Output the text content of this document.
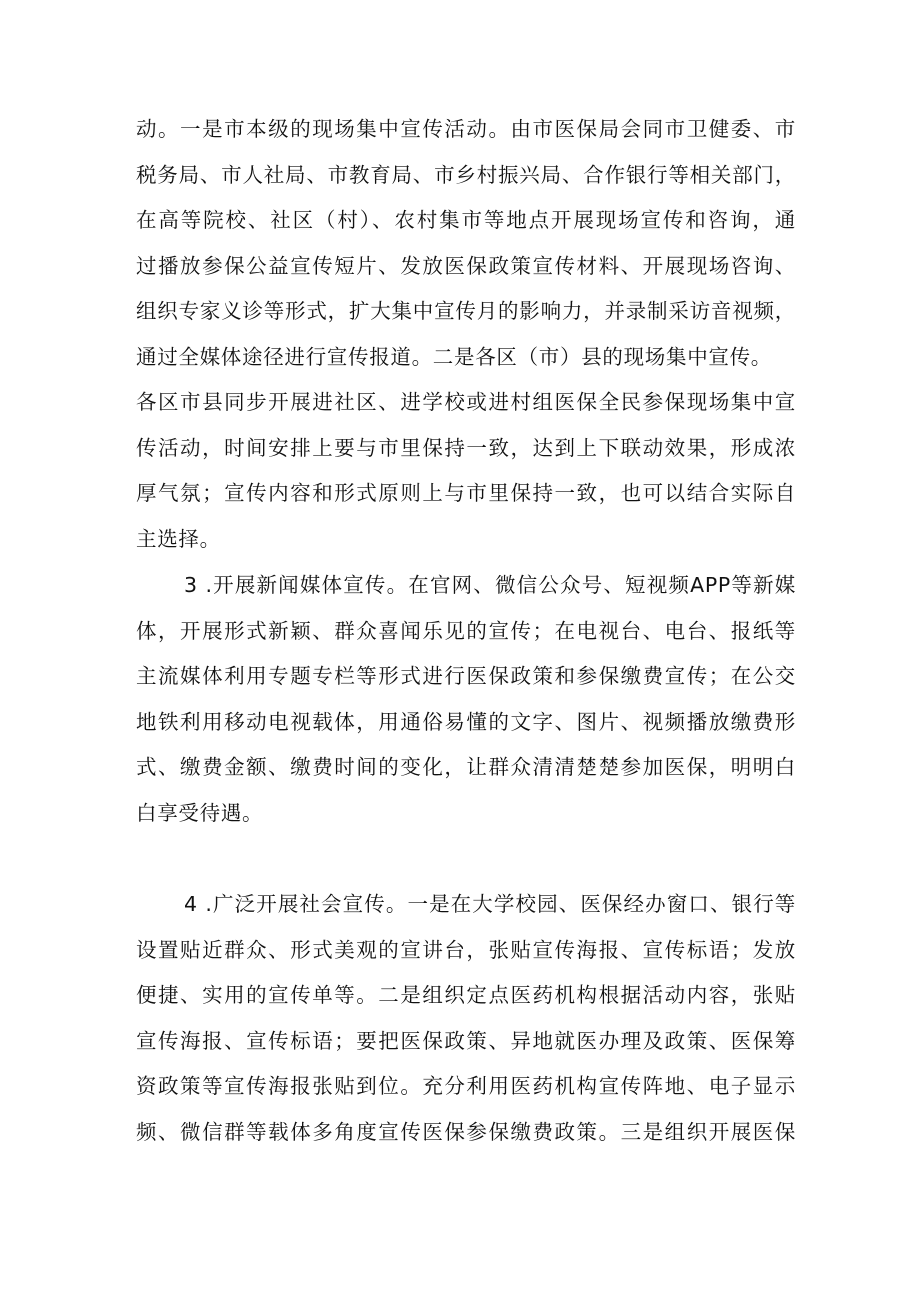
动。一是市本级的现场集中宣传活动。由市医保局会同市卫健委、市
税务局、市人社局、市教育局、市乡村振兴局、合作银行等相关部门，
在高等院校、社区（村）、农村集市等地点开展现场宣传和咨询，通
过播放参保公益宣传短片、发放医保政策宣传材料、开展现场咨询、
组织专家义诊等形式，扩大集中宣传月的影响力，并录制采访音视频，
通过全媒体途径进行宣传报道。二是各区（市）县的现场集中宣传。
各区市县同步开展进社区、进学校或进村组医保全民参保现场集中宣
传活动，时间安排上要与市里保持一致，达到上下联动效果，形成浓
厚气氛；宣传内容和形式原则上与市里保持一致，也可以结合实际自
主选择。
3 .开展新闻媒体宣传。在官网、微信公众号、短视频APP等新媒
体，开展形式新颖、群众喜闻乐见的宣传；在电视台、电台、报纸等
主流媒体利用专题专栏等形式进行医保政策和参保缴费宣传；在公交
地铁利用移动电视载体，用通俗易懂的文字、图片、视频播放缴费形
式、缴费金额、缴费时间的变化，让群众清清楚楚参加医保，明明白
白享受待遇。
4 .广泛开展社会宣传。一是在大学校园、医保经办窗口、银行等
设置贴近群众、形式美观的宣讲台，张贴宣传海报、宣传标语；发放
便捷、实用的宣传单等。二是组织定点医药机构根据活动内容，张贴
宣传海报、宣传标语；要把医保政策、异地就医办理及政策、医保筹
资政策等宣传海报张贴到位。充分利用医药机构宣传阵地、电子显示
频、微信群等载体多角度宣传医保参保缴费政策。三是组织开展医保
